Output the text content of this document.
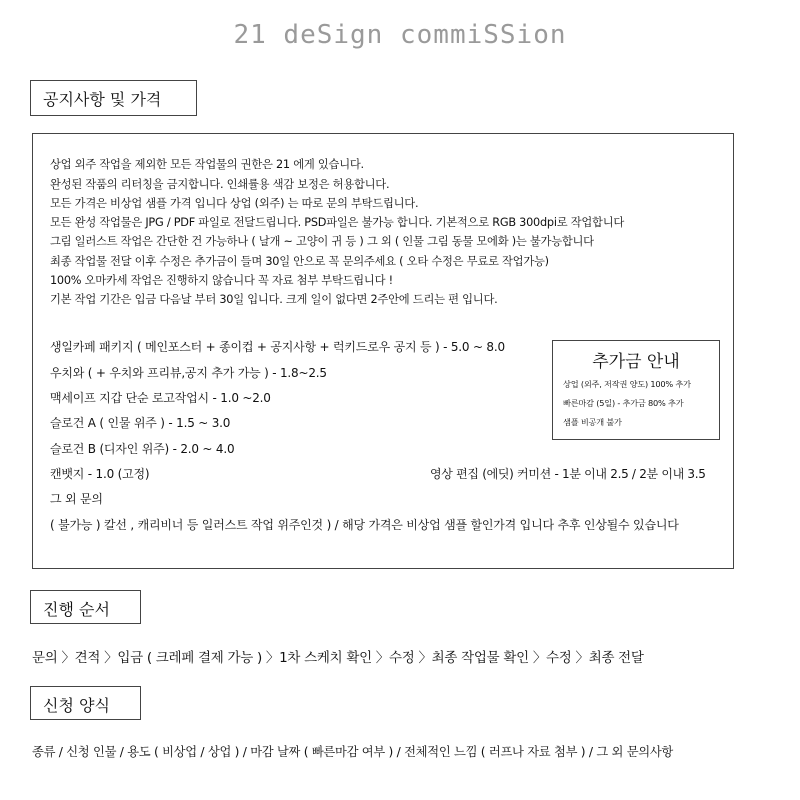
21 deSign commiSSion
공지사항 및 가격
상업 외주 작업을 제외한 모든 작업물의 권한은 21 에게 있습니다.
완성된 작품의 리터칭을 금지합니다. 인쇄률용 색감 보정은 허용합니다.
모든 가격은 비상업 샘플 가격 입니다 상업 (외주) 는 따로 문의 부탁드립니다.
모든 완성 작업물은 JPG / PDF 파일로 전달드립니다. PSD파일은 불가능 합니다. 기본적으로 RGB 300dpi로 작업합니다
그림 일러스트 작업은 간단한 건 가능하나 ( 날개 ~ 고양이 귀 등 ) 그 외 ( 인물 그림 동물 모에화 )는 불가능합니다
최종 작업물 전달 이후 수정은 추가금이 들며 30일 안으로 꼭 문의주세요 ( 오타 수정은 무료로 작업가능)
100% 오마카세 작업은 진행하지 않습니다 꼭 자료 첨부 부탁드립니다 !
기본 작업 기간은 입금 다음날 부터 30일 입니다. 크게 일이 없다면 2주안에 드리는 편 입니다.
생일카페 패키지 ( 메인포스터 + 종이컵 + 공지사항 + 럭키드로우 공지 등 ) - 5.0 ~ 8.0
우치와 ( + 우치와 프리뷰,공지 추가 가능 ) - 1.8~2.5
맥세이프 지갑 단순 로고작업시 - 1.0 ~2.0
슬로건 A ( 인물 위주 ) - 1.5 ~ 3.0
슬로건 B (디자인 위주) - 2.0 ~ 4.0
캔뱃지 - 1.0 (고정)
그 외 문의
( 불가능 ) 칼선 , 캐리비너 등 일러스트 작업 위주인것 ) / 해당 가격은 비상업 샘플 할인가격 입니다 추후 인상될수 있습니다
영상 편집 (에딧) 커미션 - 1분 이내 2.5 / 2분 이내 3.5
추가금 안내
상업 (외주, 저작권 양도) 100% 추가
빠른마감 (5일) - 추가금 80% 추가
샘플 비공개 불가
진행 순서
문의 〉견적 〉입금 ( 크레페 결제 가능 ) 〉1차 스케치 확인 〉수정 〉최종 작업물 확인 〉수정 〉최종 전달
신청 양식
종류 / 신청 인물 / 용도 ( 비상업 / 상업 ) / 마감 날짜 ( 빠른마감 여부 ) / 전체적인 느낌 ( 러프나 자료 첨부 ) / 그 외 문의사항
